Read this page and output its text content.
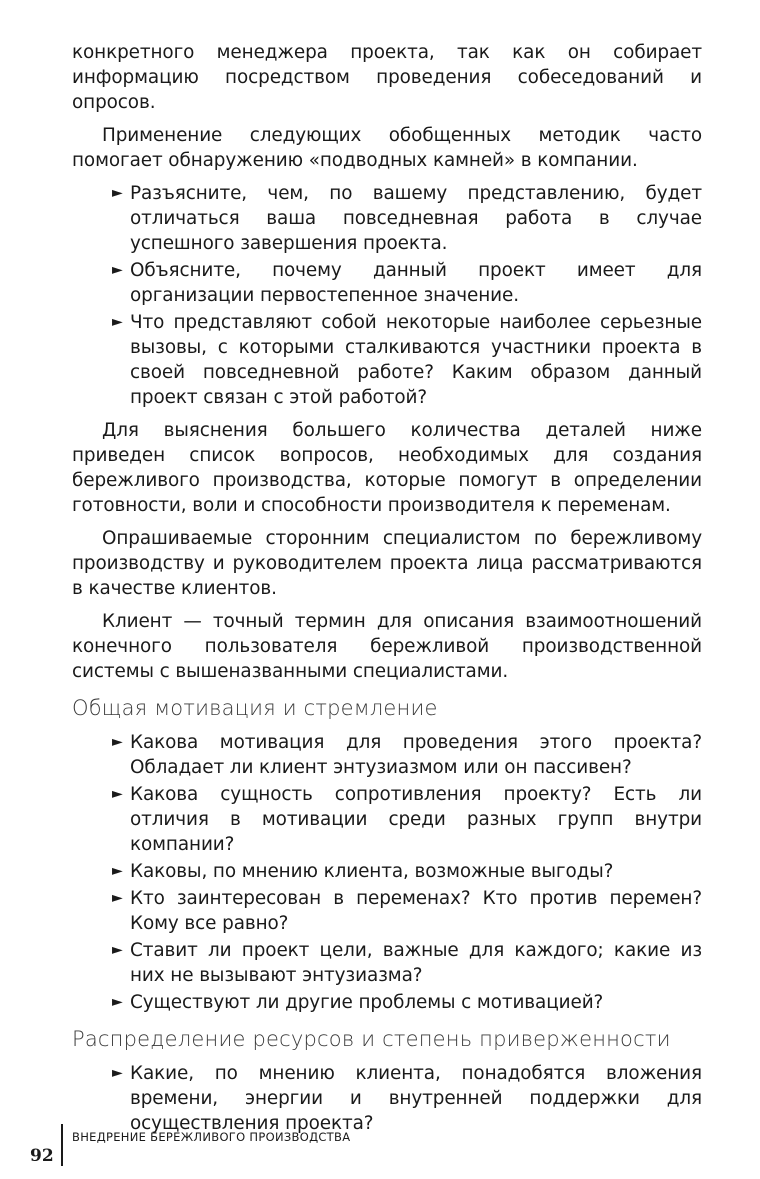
конкретного менеджера проекта, так как он собирает информацию посредством проведения собеседований и опросов.

Применение следующих обобщенных методик часто помогает обнаружению «подводных камней» в компании.

► Разъясните, чем, по вашему представлению, будет отличаться ваша повседневная работа в случае успешного завершения проекта.
► Объясните, почему данный проект имеет для организации первостепенное значение.
► Что представляют собой некоторые наиболее серьезные вызовы, с которыми сталкиваются участники проекта в своей повседневной работе? Каким образом данный проект связан с этой работой?

Для выяснения большего количества деталей ниже приведен список вопросов, необходимых для создания бережливого производства, которые помогут в определении готовности, воли и способности производителя к переменам.

Опрашиваемые сторонним специалистом по бережливому производству и руководителем проекта лица рассматриваются в качестве клиентов.

Клиент — точный термин для описания взаимоотношений конечного пользователя бережливой производственной системы с вышеназванными специалистами.

Общая мотивация и стремление
► Какова мотивация для проведения этого проекта? Обладает ли клиент энтузиазмом или он пассивен?
► Какова сущность сопротивления проекту? Есть ли отличия в мотивации среди разных групп внутри компании?
► Каковы, по мнению клиента, возможные выгоды?
► Кто заинтересован в переменах? Кто против перемен? Кому все равно?
► Ставит ли проект цели, важные для каждого; какие из них не вызывают энтузиазма?
► Существуют ли другие проблемы с мотивацией?
Распределение ресурсов и степень приверженности
► Какие, по мнению клиента, понадобятся вложения времени, энергии и внутренней поддержки для осуществления проекта?
92
ВНЕДРЕНИЕ БЕРЕЖЛИВОГО ПРОИЗВОДСТВА
